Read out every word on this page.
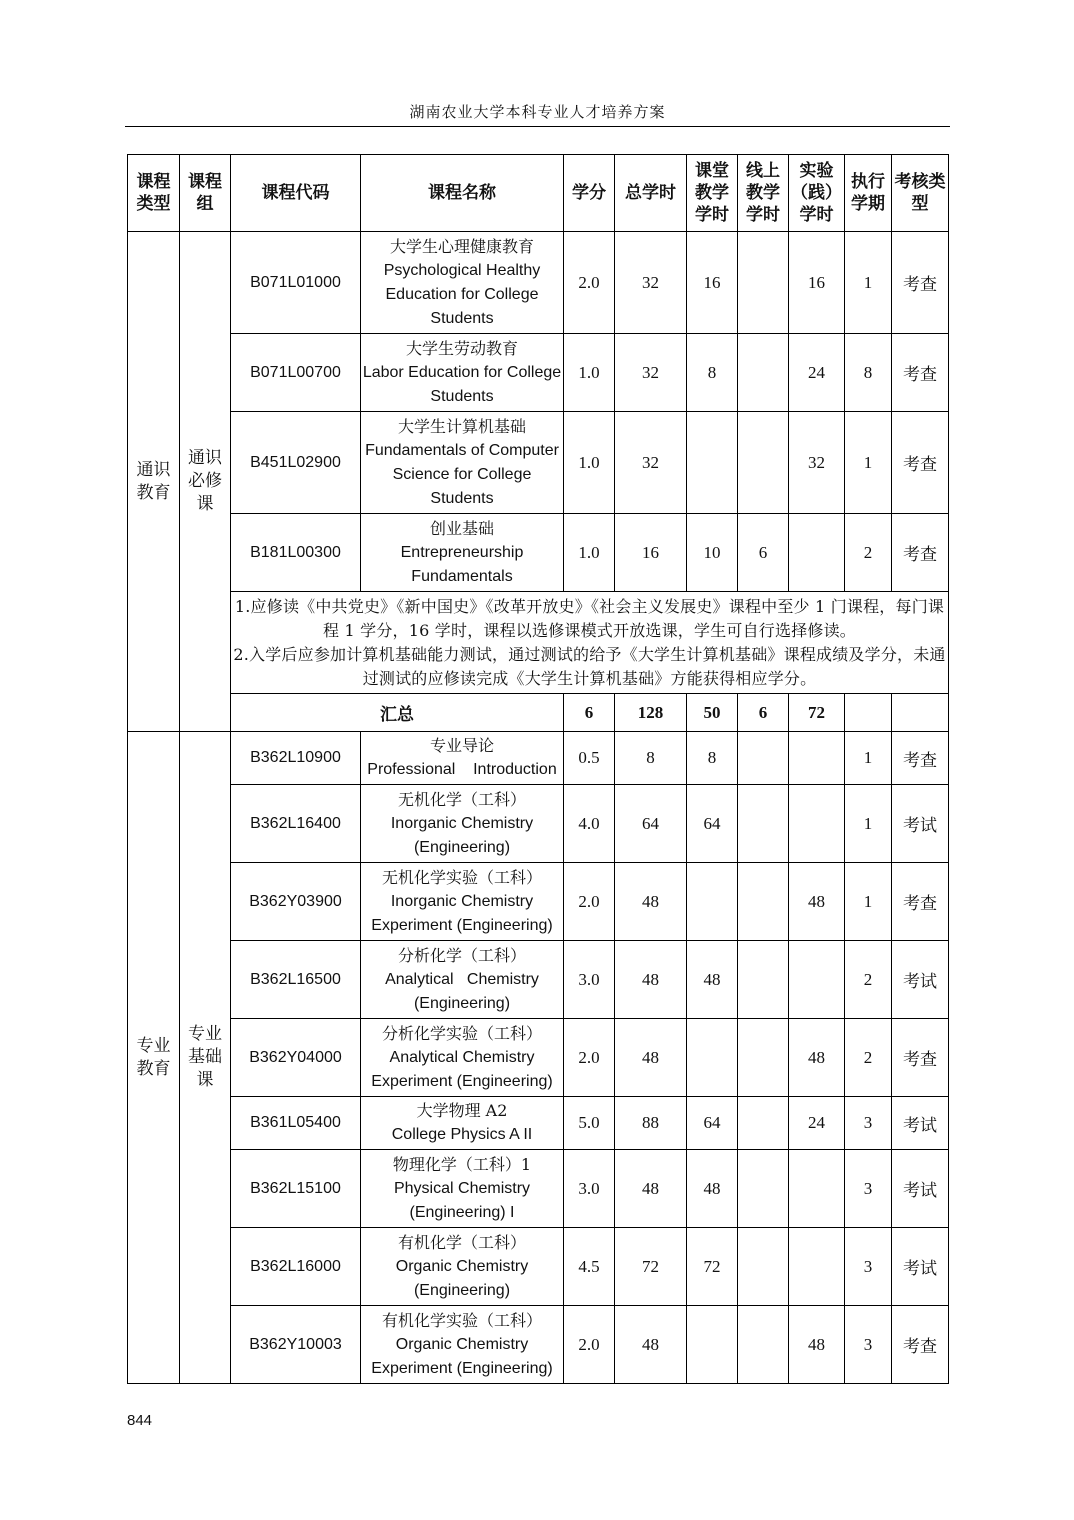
湖南农业大学本科专业人才培养方案
课程类型	课程组	课程代码	课程名称	学分	总学时	课堂教学学时	线上教学学时	实验（践）学时	执行学期	考核类型
通识教育	通识必修课	B071L01000	大学生心理健康教育
Psychological Healthy Education for College Students	2.0	32	16		16	1	考查
		B071L00700	大学生劳动教育
Labor Education for College Students	1.0	32	8		24	8	考查
		B451L02900	大学生计算机基础
Fundamentals of Computer Science for College Students	1.0	32			32	1	考查
		B181L00300	创业基础
Entrepreneurship Fundamentals	1.0	16	10	6		2	考查

		1.应修读《中共党史》《新中国史》《改革开放史》《社会主义发展史》课程中至少 1 门课程，每门课程 1 学分，16 学时，课程以选修课模式开放选课，学生可自行选择修读。
2.入学后应参加计算机基础能力测试，通过测试的给予《大学生计算机基础》课程成绩及学分，未通过测试的应修读完成《大学生计算机基础》方能获得相应学分。								

		汇总		6	128	50	6	72		
专业教育	专业基础课	B362L10900	专业导论
Professional    Introduction	0.5	8	8			1	考查
		B362L16400	无机化学（工科）
Inorganic Chemistry (Engineering)	4.0	64	64			1	考试
		B362Y03900	无机化学实验（工科）
Inorganic Chemistry Experiment (Engineering)	2.0	48			48	1	考查
		B362L16500	分析化学（工科）
Analytical   Chemistry (Engineering)	3.0	48	48			2	考试
		B362Y04000	分析化学实验（工科）
Analytical Chemistry Experiment (Engineering)	2.0	48			48	2	考查
		B361L05400	大学物理 A2
College Physics A II	5.0	88	64		24	3	考试
		B362L15100	物理化学（工科）1
Physical Chemistry (Engineering) I	3.0	48	48			3	考试
		B362L16000	有机化学（工科）
Organic Chemistry (Engineering)	4.5	72	72			3	考试
		B362Y10003	有机化学实验（工科）
Organic Chemistry Experiment (Engineering)	2.0	48			48	3	考查
844
